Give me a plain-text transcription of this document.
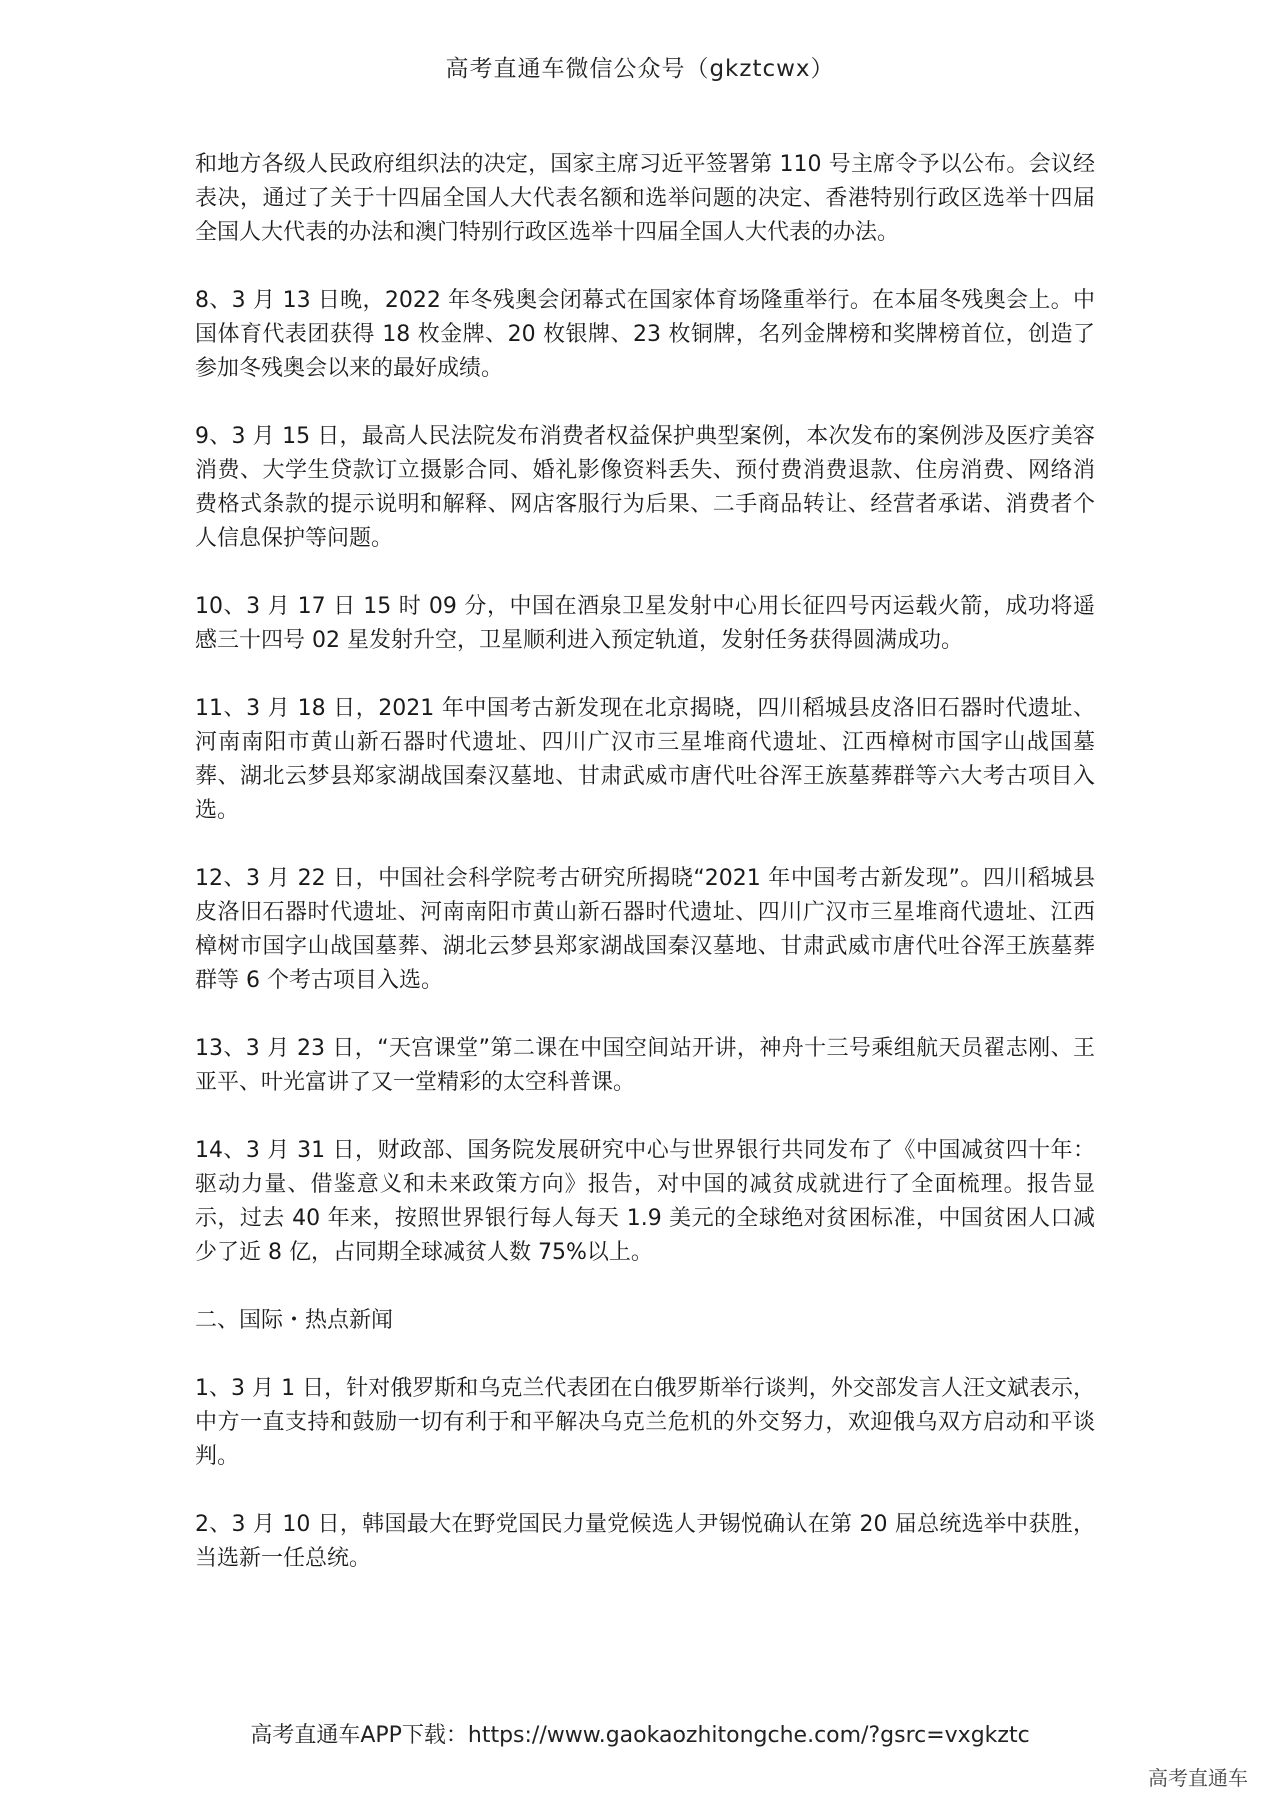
高考直通车微信公众号（gkztcwx）

和地方各级人民政府组织法的决定，国家主席习近平签署第 110 号主席令予以公布。会议经表决，通过了关于十四届全国人大代表名额和选举问题的决定、香港特别行政区选举十四届全国人大代表的办法和澳门特别行政区选举十四届全国人大代表的办法。

8、3 月 13 日晚，2022 年冬残奥会闭幕式在国家体育场隆重举行。在本届冬残奥会上。中国体育代表团获得 18 枚金牌、20 枚银牌、23 枚铜牌，名列金牌榜和奖牌榜首位，创造了参加冬残奥会以来的最好成绩。

9、3 月 15 日，最高人民法院发布消费者权益保护典型案例，本次发布的案例涉及医疗美容消费、大学生贷款订立摄影合同、婚礼影像资料丢失、预付费消费退款、住房消费、网络消费格式条款的提示说明和解释、网店客服行为后果、二手商品转让、经营者承诺、消费者个人信息保护等问题。

10、3 月 17 日 15 时 09 分，中国在酒泉卫星发射中心用长征四号丙运载火箭，成功将遥感三十四号 02 星发射升空，卫星顺利进入预定轨道，发射任务获得圆满成功。

11、3 月 18 日，2021 年中国考古新发现在北京揭晓，四川稻城县皮洛旧石器时代遗址、河南南阳市黄山新石器时代遗址、四川广汉市三星堆商代遗址、江西樟树市国字山战国墓葬、湖北云梦县郑家湖战国秦汉墓地、甘肃武威市唐代吐谷浑王族墓葬群等六大考古项目入选。

12、3 月 22 日，中国社会科学院考古研究所揭晓“2021 年中国考古新发现”。四川稻城县皮洛旧石器时代遗址、河南南阳市黄山新石器时代遗址、四川广汉市三星堆商代遗址、江西樟树市国字山战国墓葬、湖北云梦县郑家湖战国秦汉墓地、甘肃武威市唐代吐谷浑王族墓葬群等 6 个考古项目入选。

13、3 月 23 日，“天宫课堂”第二课在中国空间站开讲，神舟十三号乘组航天员翟志刚、王亚平、叶光富讲了又一堂精彩的太空科普课。

14、3 月 31 日，财政部、国务院发展研究中心与世界银行共同发布了《中国减贫四十年：驱动力量、借鉴意义和未来政策方向》报告，对中国的减贫成就进行了全面梳理。报告显示，过去 40 年来，按照世界银行每人每天 1.9 美元的全球绝对贫困标准，中国贫困人口减少了近 8 亿，占同期全球减贫人数 75%以上。

二、国际・热点新闻

1、3 月 1 日，针对俄罗斯和乌克兰代表团在白俄罗斯举行谈判，外交部发言人汪文斌表示，中方一直支持和鼓励一切有利于和平解决乌克兰危机的外交努力，欢迎俄乌双方启动和平谈判。

2、3 月 10 日，韩国最大在野党国民力量党候选人尹锡悦确认在第 20 届总统选举中获胜，当选新一任总统。

高考直通车APP下载：https://www.gaokaozhitongche.com/?gsrc=vxgkztc
高考直通车
